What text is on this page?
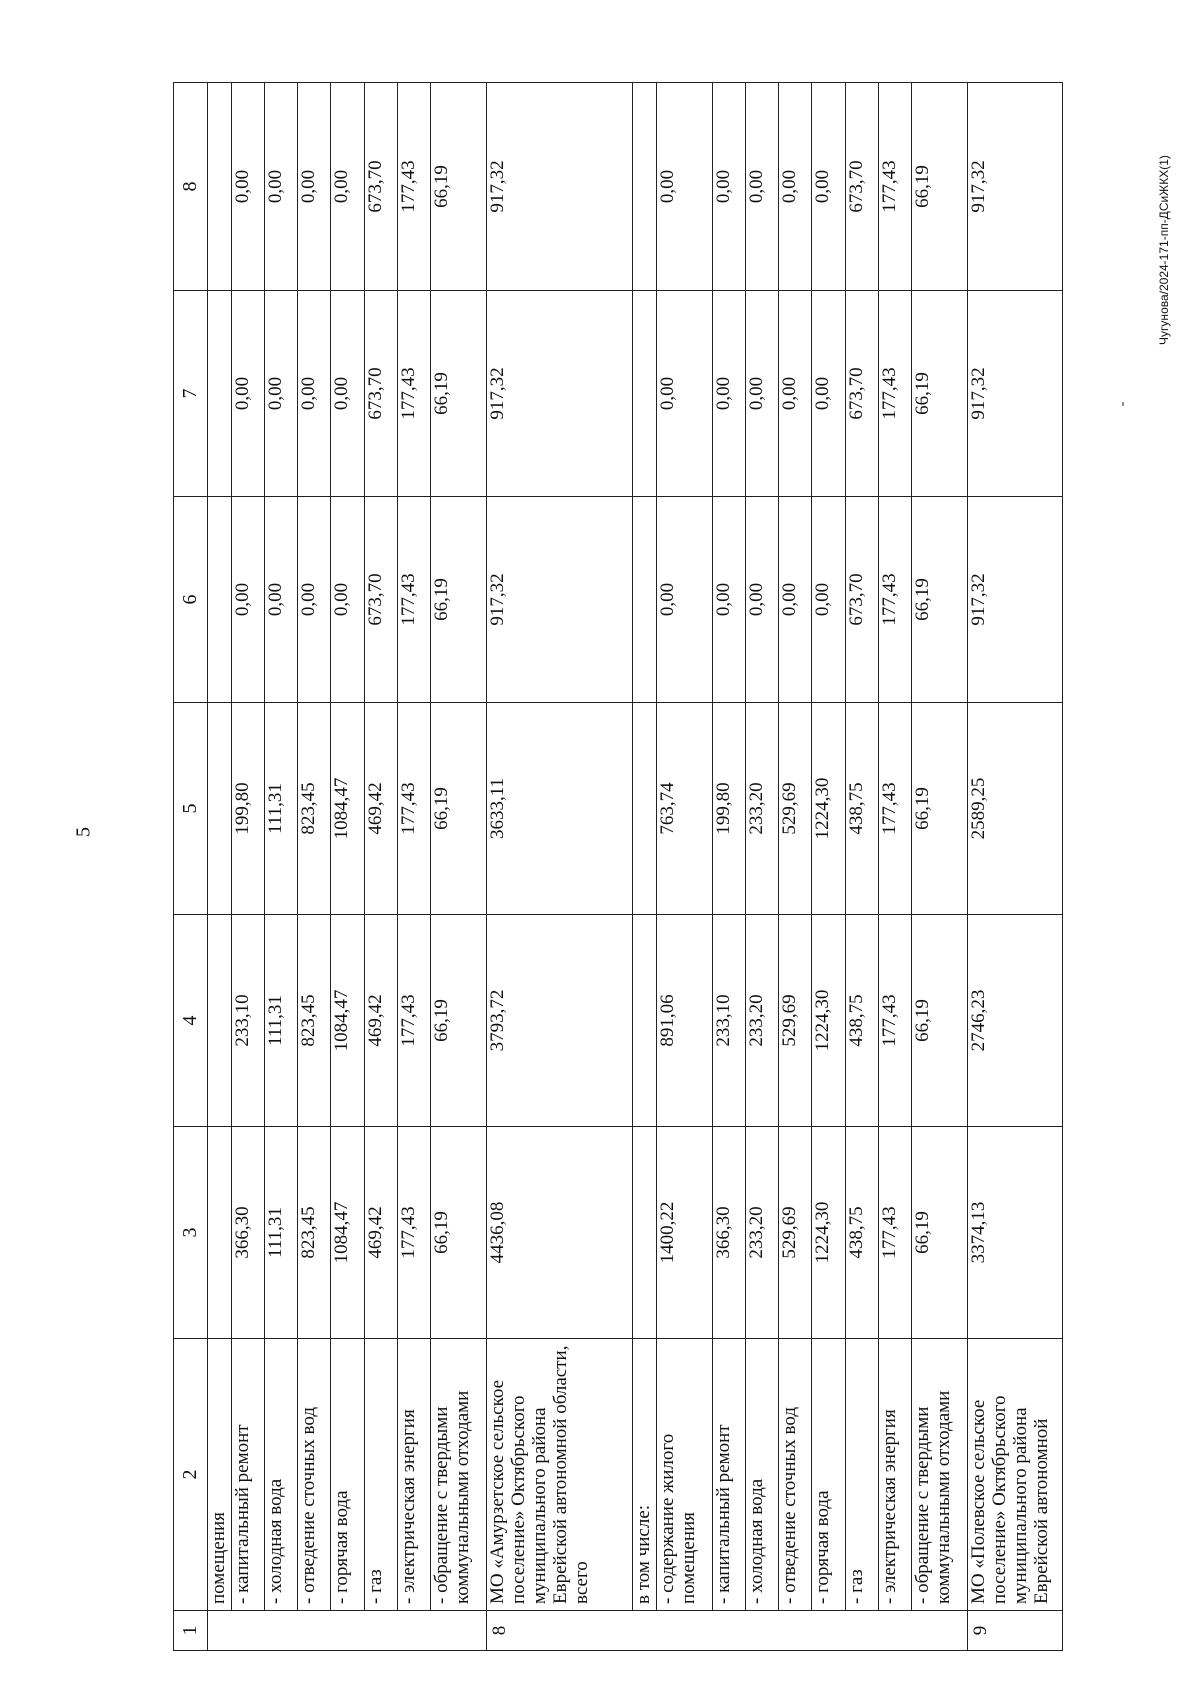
5
-
Чугунова/2024-171-пп-ДСиЖКХ(1)
1	2	3	4	5	6	7	8
	помещения						
	- капитальный ремонт	366,30	233,10	199,80	0,00	0,00	0,00
	- холодная вода	111,31	111,31	111,31	0,00	0,00	0,00
	- отведение сточных вод	823,45	823,45	823,45	0,00	0,00	0,00
	- горячая вода	1084,47	1084,47	1084,47	0,00	0,00	0,00
	- газ	469,42	469,42	469,42	673,70	673,70	673,70
	- электрическая энергия	177,43	177,43	177,43	177,43	177,43	177,43
	- обращение с твердыми коммунальными отходами	66,19	66,19	66,19	66,19	66,19	66,19
8	МО «Амурзетское сельское поселение» Октябрьского муниципального района Еврейской автономной области, всего	4436,08	3793,72	3633,11	917,32	917,32	917,32
	в том числе:						
	- содержание жилого помещения	1400,22	891,06	763,74	0,00	0,00	0,00
	- капитальный ремонт	366,30	233,10	199,80	0,00	0,00	0,00
	- холодная вода	233,20	233,20	233,20	0,00	0,00	0,00
	- отведение сточных вод	529,69	529,69	529,69	0,00	0,00	0,00
	- горячая вода	1224,30	1224,30	1224,30	0,00	0,00	0,00
	- газ	438,75	438,75	438,75	673,70	673,70	673,70
	- электрическая энергия	177,43	177,43	177,43	177,43	177,43	177,43
	- обращение с твердыми коммунальными отходами	66,19	66,19	66,19	66,19	66,19	66,19
9	МО «Полевское сельское поселение» Октябрьского муниципального района Еврейской автономной	3374,13	2746,23	2589,25	917,32	917,32	917,32
